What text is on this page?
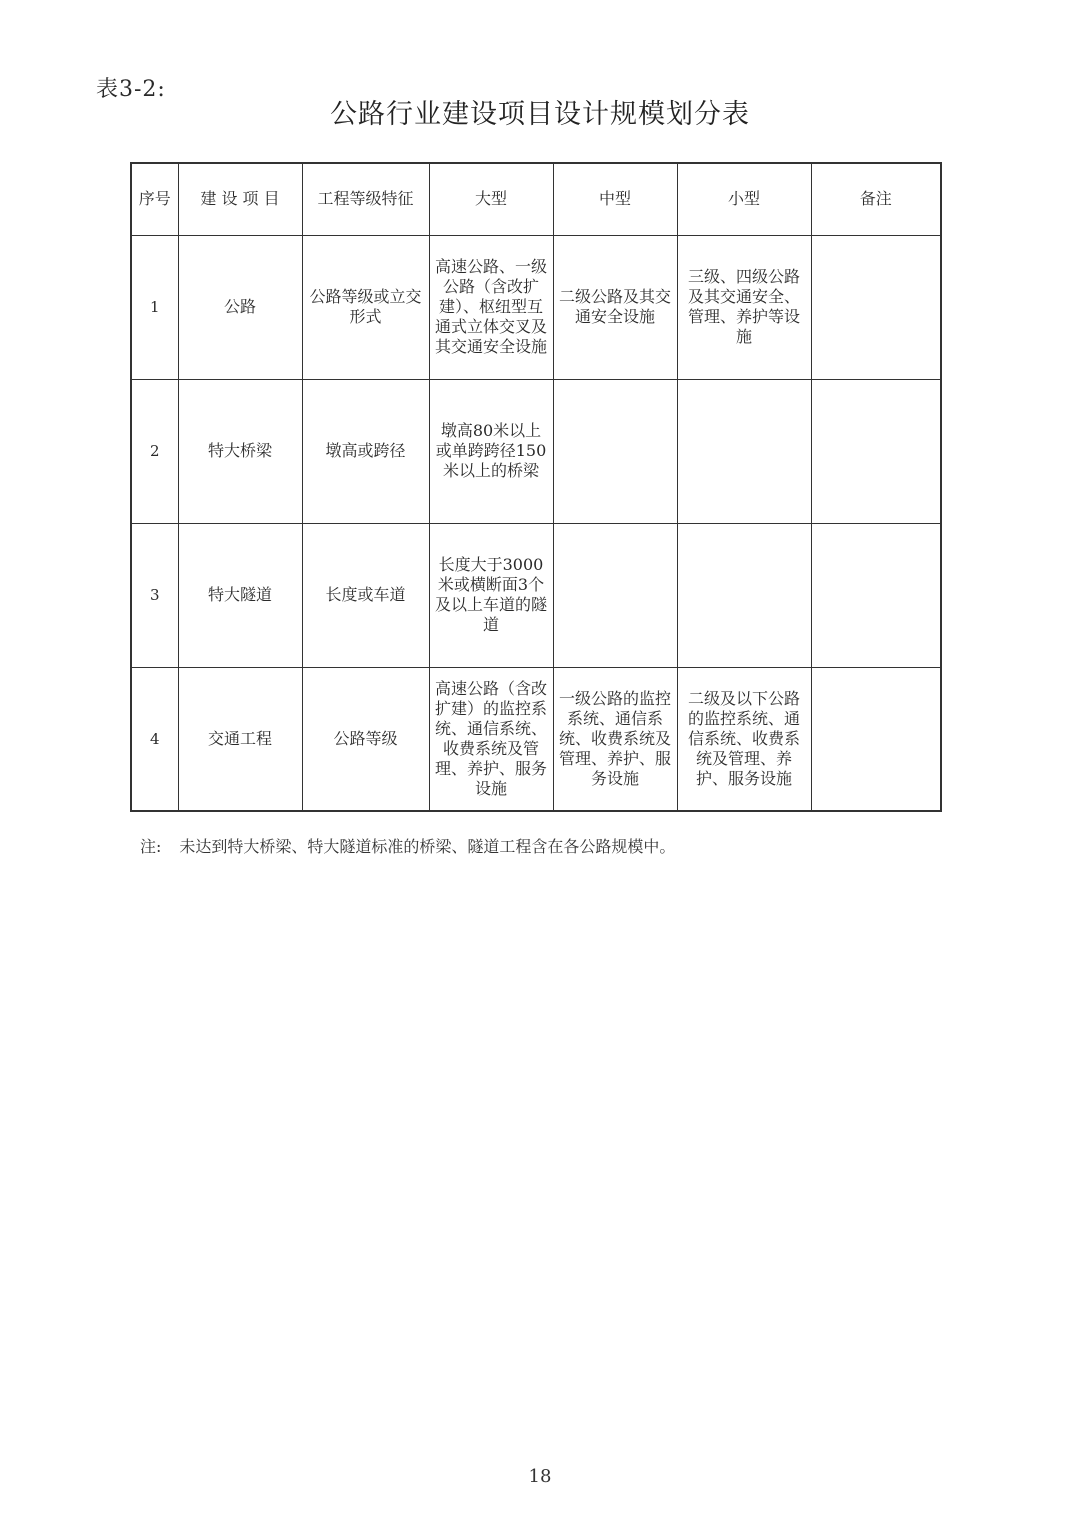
表3-2:
公路行业建设项目设计规模划分表
序号	建 设 项 目	工程等级特征	大型	中型	小型	备注
1	公路	公路等级或立交形式	高速公路、一级公路（含改扩建）、枢纽型互通式立体交叉及其交通安全设施	二级公路及其交通安全设施	三级、四级公路及其交通安全、管理、养护等设施	
2	特大桥梁	墩高或跨径	墩高80米以上或单跨跨径150米以上的桥梁			
3	特大隧道	长度或车道	长度大于3000米或横断面3个及以上车道的隧道			
4	交通工程	公路等级	高速公路（含改扩建）的监控系统、通信系统、收费系统及管理、养护、服务设施	一级公路的监控系统、通信系统、收费系统及管理、养护、服务设施	二级及以下公路的监控系统、通信系统、收费系统及管理、养护、服务设施	
注: 未达到特大桥梁、特大隧道标准的桥梁、隧道工程含在各公路规模中。
18
